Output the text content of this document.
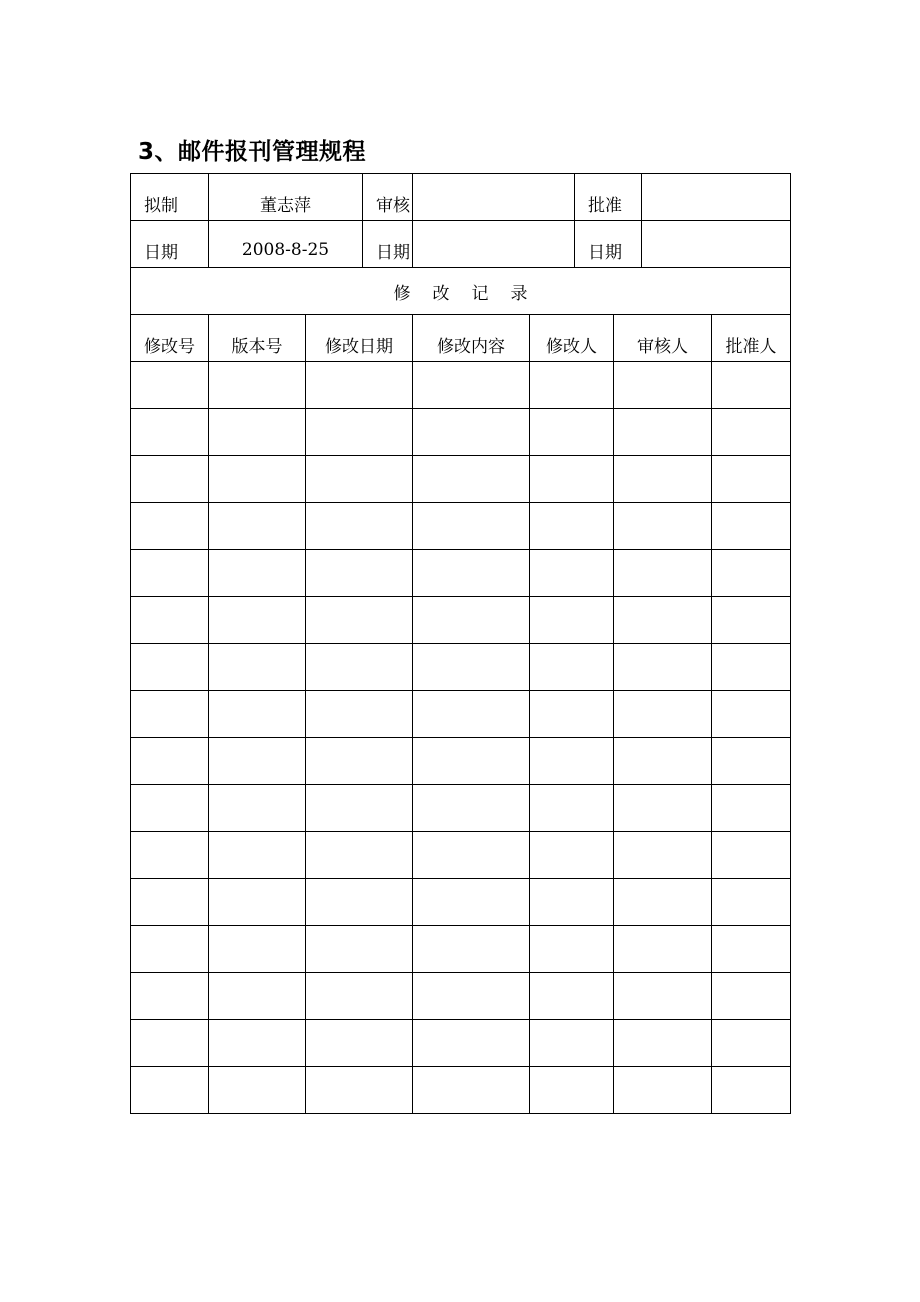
3、邮件报刊管理规程
拟制	董志萍		审核			批准			
日期	2008-8-25		日期			日期			
修改记录									
修改号	版本号	修改日期		修改内容	修改人		审核人		批准人
